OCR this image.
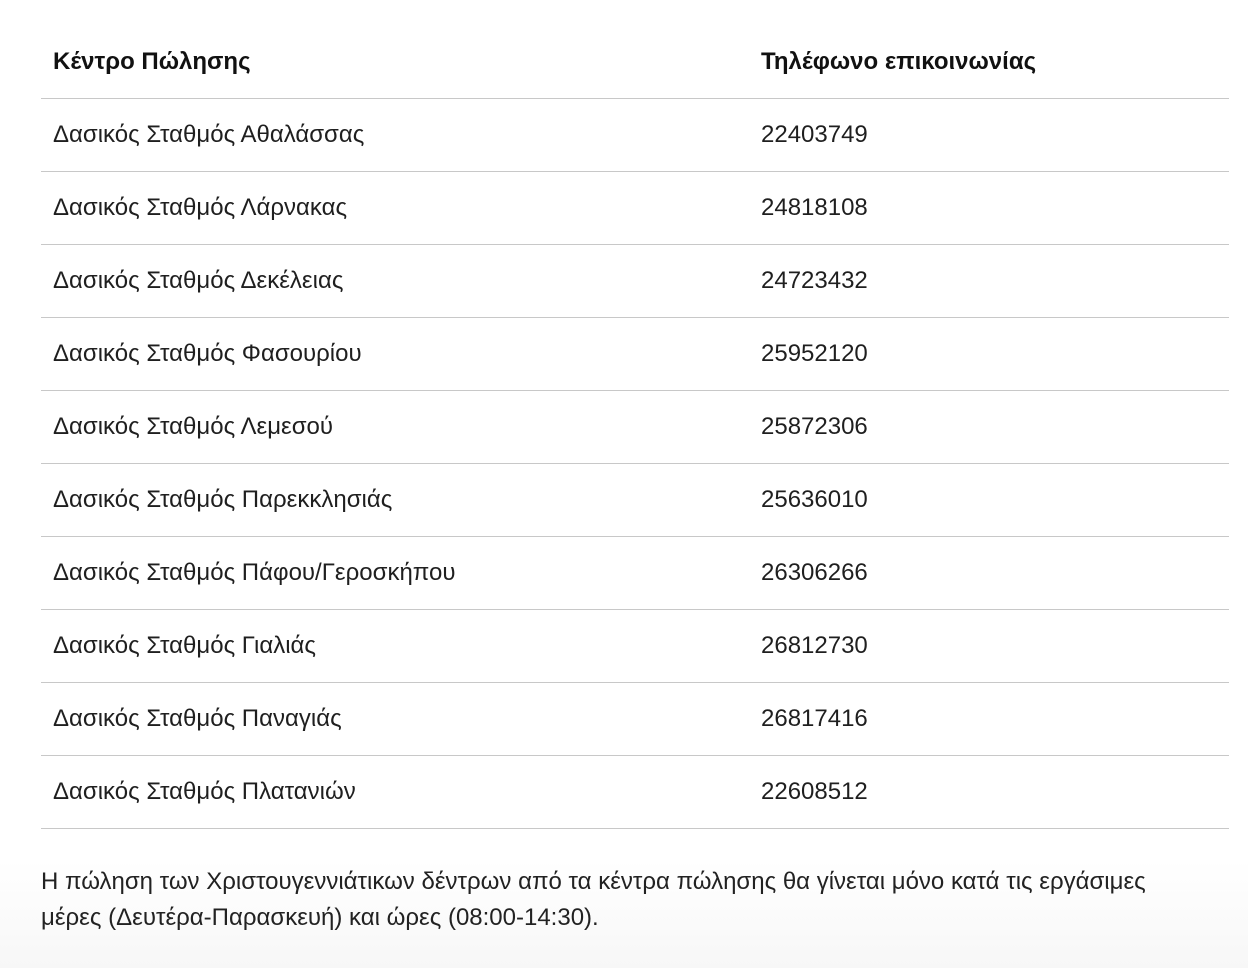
Κέντρο Πώλησης	Τηλέφωνο επικοινωνίας
Δασικός Σταθμός Αθαλάσσας	22403749
Δασικός Σταθμός Λάρνακας	24818108
Δασικός Σταθμός Δεκέλειας	24723432
Δασικός Σταθμός Φασουρίου	25952120
Δασικός Σταθμός Λεμεσού	25872306
Δασικός Σταθμός Παρεκκλησιάς	25636010
Δασικός Σταθμός Πάφου/Γεροσκήπου	26306266
Δασικός Σταθμός Γιαλιάς	26812730
Δασικός Σταθμός Παναγιάς	26817416
Δασικός Σταθμός Πλατανιών	22608512

Η πώληση των Χριστουγεννιάτικων δέντρων από τα κέντρα πώλησης θα γίνεται μόνο κατά τις εργάσιμες μέρες (Δευτέρα-Παρασκευή) και ώρες (08:00-14:30).
